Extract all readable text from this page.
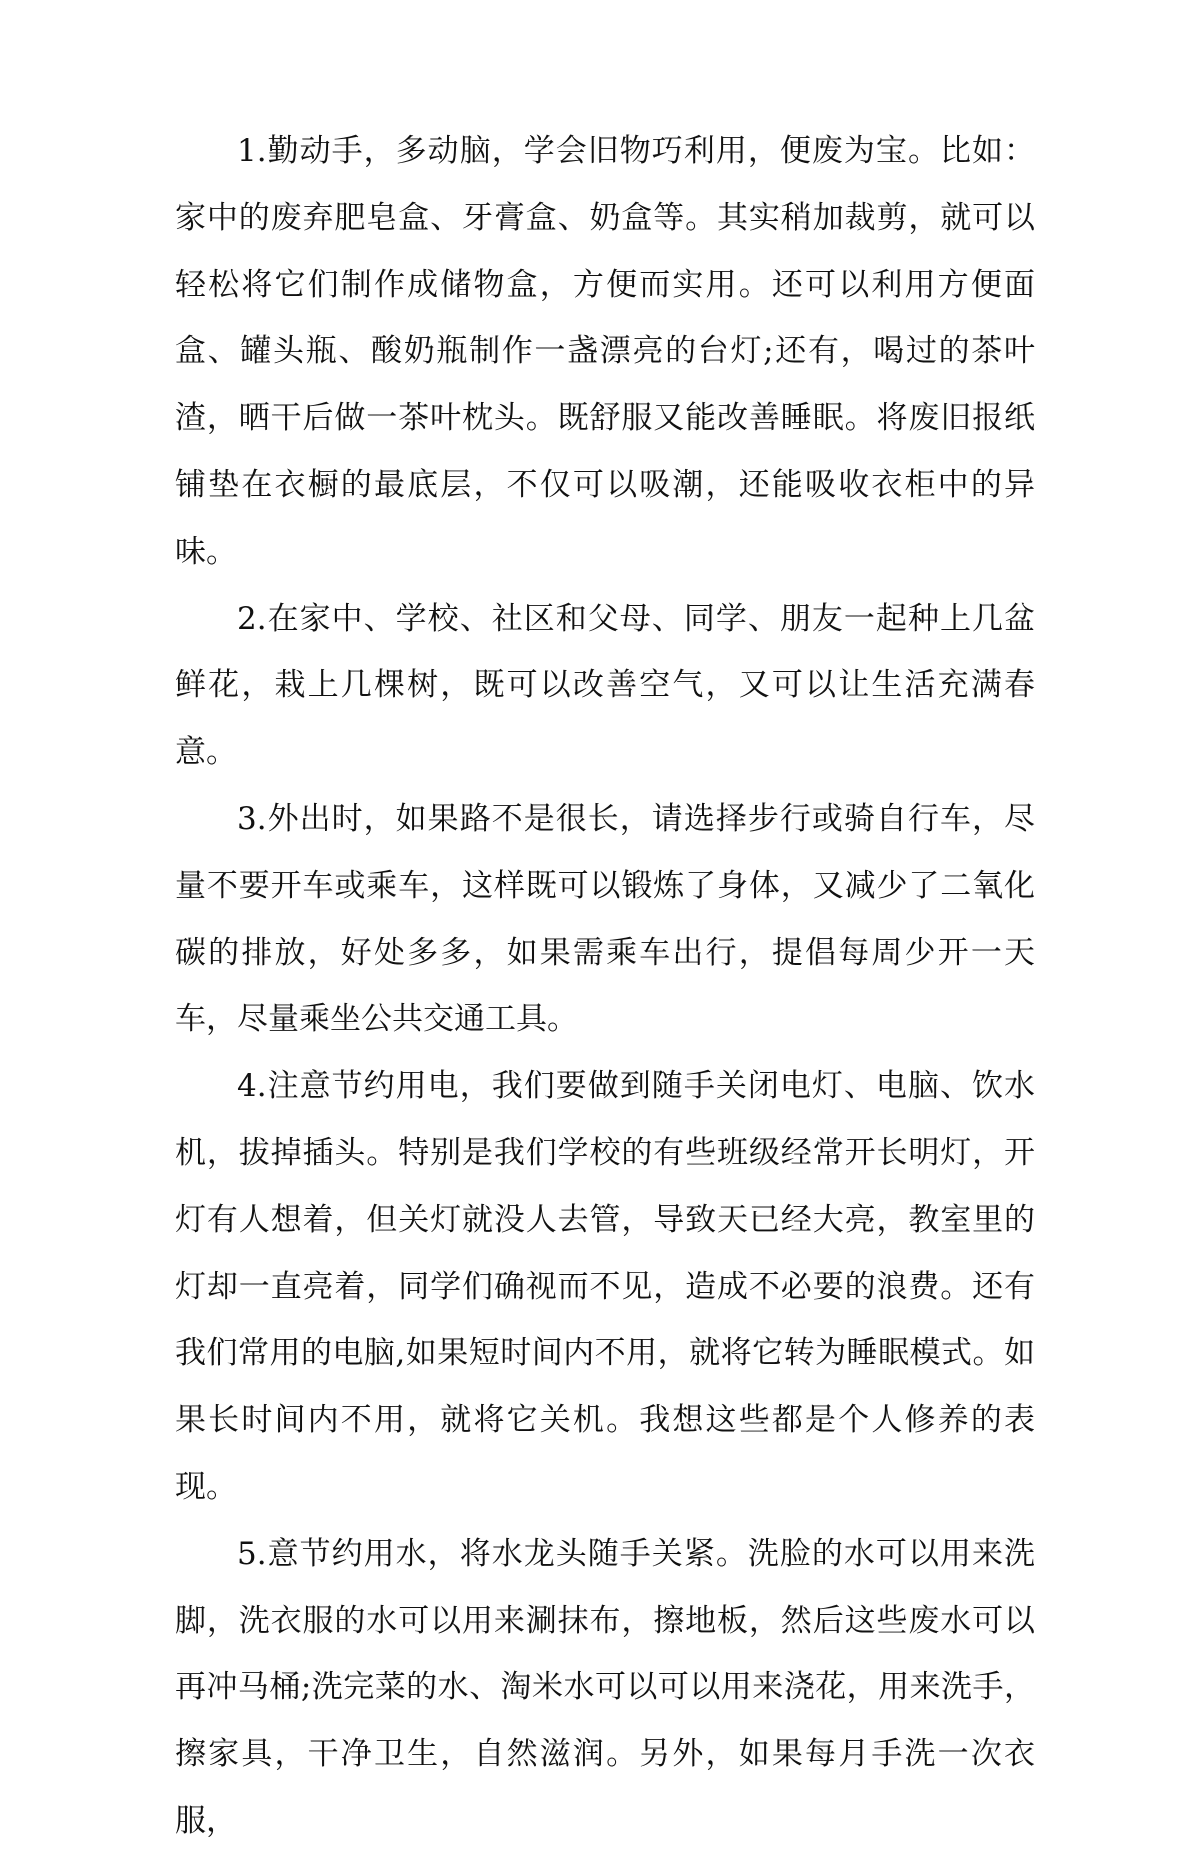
1.勤动手，多动脑，学会旧物巧利用，便废为宝。比如：家中的废弃肥皂盒、牙膏盒、奶盒等。其实稍加裁剪，就可以轻松将它们制作成储物盒，方便而实用。还可以利用方便面盒、罐头瓶、酸奶瓶制作一盏漂亮的台灯;还有，喝过的茶叶渣，晒干后做一茶叶枕头。既舒服又能改善睡眠。将废旧报纸铺垫在衣橱的最底层，不仅可以吸潮，还能吸收衣柜中的异味。

2.在家中、学校、社区和父母、同学、朋友一起种上几盆鲜花，栽上几棵树，既可以改善空气，又可以让生活充满春意。

3.外出时，如果路不是很长，请选择步行或骑自行车，尽量不要开车或乘车，这样既可以锻炼了身体，又减少了二氧化碳的排放，好处多多，如果需乘车出行，提倡每周少开一天车，尽量乘坐公共交通工具。

4.注意节约用电，我们要做到随手关闭电灯、电脑、饮水机，拔掉插头。特别是我们学校的有些班级经常开长明灯，开灯有人想着，但关灯就没人去管，导致天已经大亮，教室里的灯却一直亮着，同学们确视而不见，造成不必要的浪费。还有我们常用的电脑,如果短时间内不用，就将它转为睡眠模式。如果长时间内不用，就将它关机。我想这些都是个人修养的表现。

5.意节约用水，将水龙头随手关紧。洗脸的水可以用来洗脚，洗衣服的水可以用来涮抹布，擦地板，然后这些废水可以再冲马桶;洗完菜的水、淘米水可以可以用来浇花，用来洗手，擦家具，干净卫生，自然滋润。另外，如果每月手洗一次衣服，
